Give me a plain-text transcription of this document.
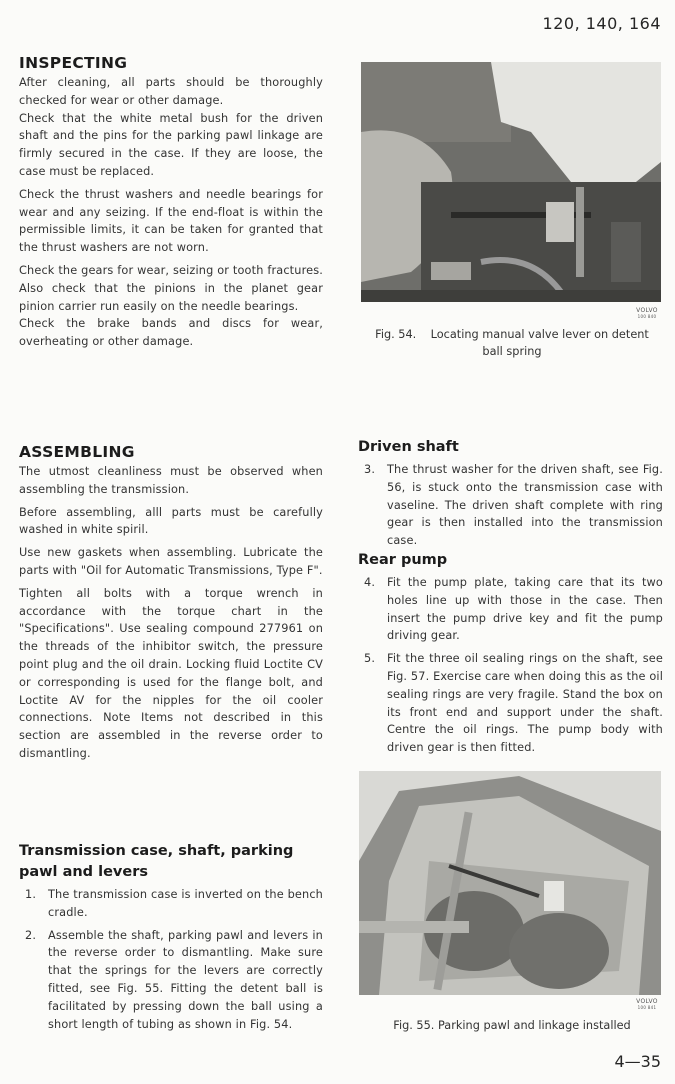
120, 140, 164
INSPECTING

After cleaning, all parts should be thoroughly checked for wear or other damage.

Check that the white metal bush for the driven shaft and the pins for the parking pawl linkage are firmly secured in the case. If they are loose, the case must be replaced.

Check the thrust washers and needle bearings for wear and any seizing. If the end-float is within the permissible limits, it can be taken for granted that the thrust washers are not worn.

Check the gears for wear, seizing or tooth fractures. Also check that the pinions in the planet gear pinion carrier run easily on the needle bearings.

Check the brake bands and discs for wear, overheating or other damage.

ASSEMBLING

The utmost cleanliness must be observed when assembling the transmission.

Before assembling, alll parts must be carefully washed in white spiril.

Use new gaskets when assembling. Lubricate the parts with "Oil for Automatic Transmissions, Type F".

Tighten all bolts with a torque wrench in accordance with the torque chart in the "Specifications". Use sealing compound 277961 on the threads of the inhibitor switch, the pressure point plug and the oil drain. Locking fluid Loctite CV or corresponding is used for the flange bolt, and Loctite AV for the nipples for the oil cooler connections. Note Items not described in this section are assembled in the reverse order to dismantling.

Transmission case, shaft, parking pawl and levers
1.	The transmission case is inverted on the bench cradle.
2.	Assemble the shaft, parking pawl and levers in the reverse order to dismantling. Make sure that the springs for the levers are correctly fitted, see Fig. 55. Fitting the detent ball is facilitated by pressing down the ball using a short length of tubing as shown in Fig. 54.
VOLVO
100 840
Fig. 54.    Locating manual valve lever on detent
ball spring
Driven shaft
3.	The thrust washer for the driven shaft, see Fig. 56, is stuck onto the transmission case with vaseline. The driven shaft complete with ring gear is then installed into the transmission case.
Rear pump
4.	Fit the pump plate, taking care that its two holes line up with those in the case. Then insert the pump drive key and fit the pump driving gear.
5.	Fit the three oil sealing rings on the shaft, see Fig. 57. Exercise care when doing this as the oil sealing rings are very fragile. Stand the box on its front end and support under the shaft. Centre the oil rings. The pump body with driven gear is then fitted.
VOLVO
100 841
Fig. 55. Parking pawl and linkage installed
4—35
